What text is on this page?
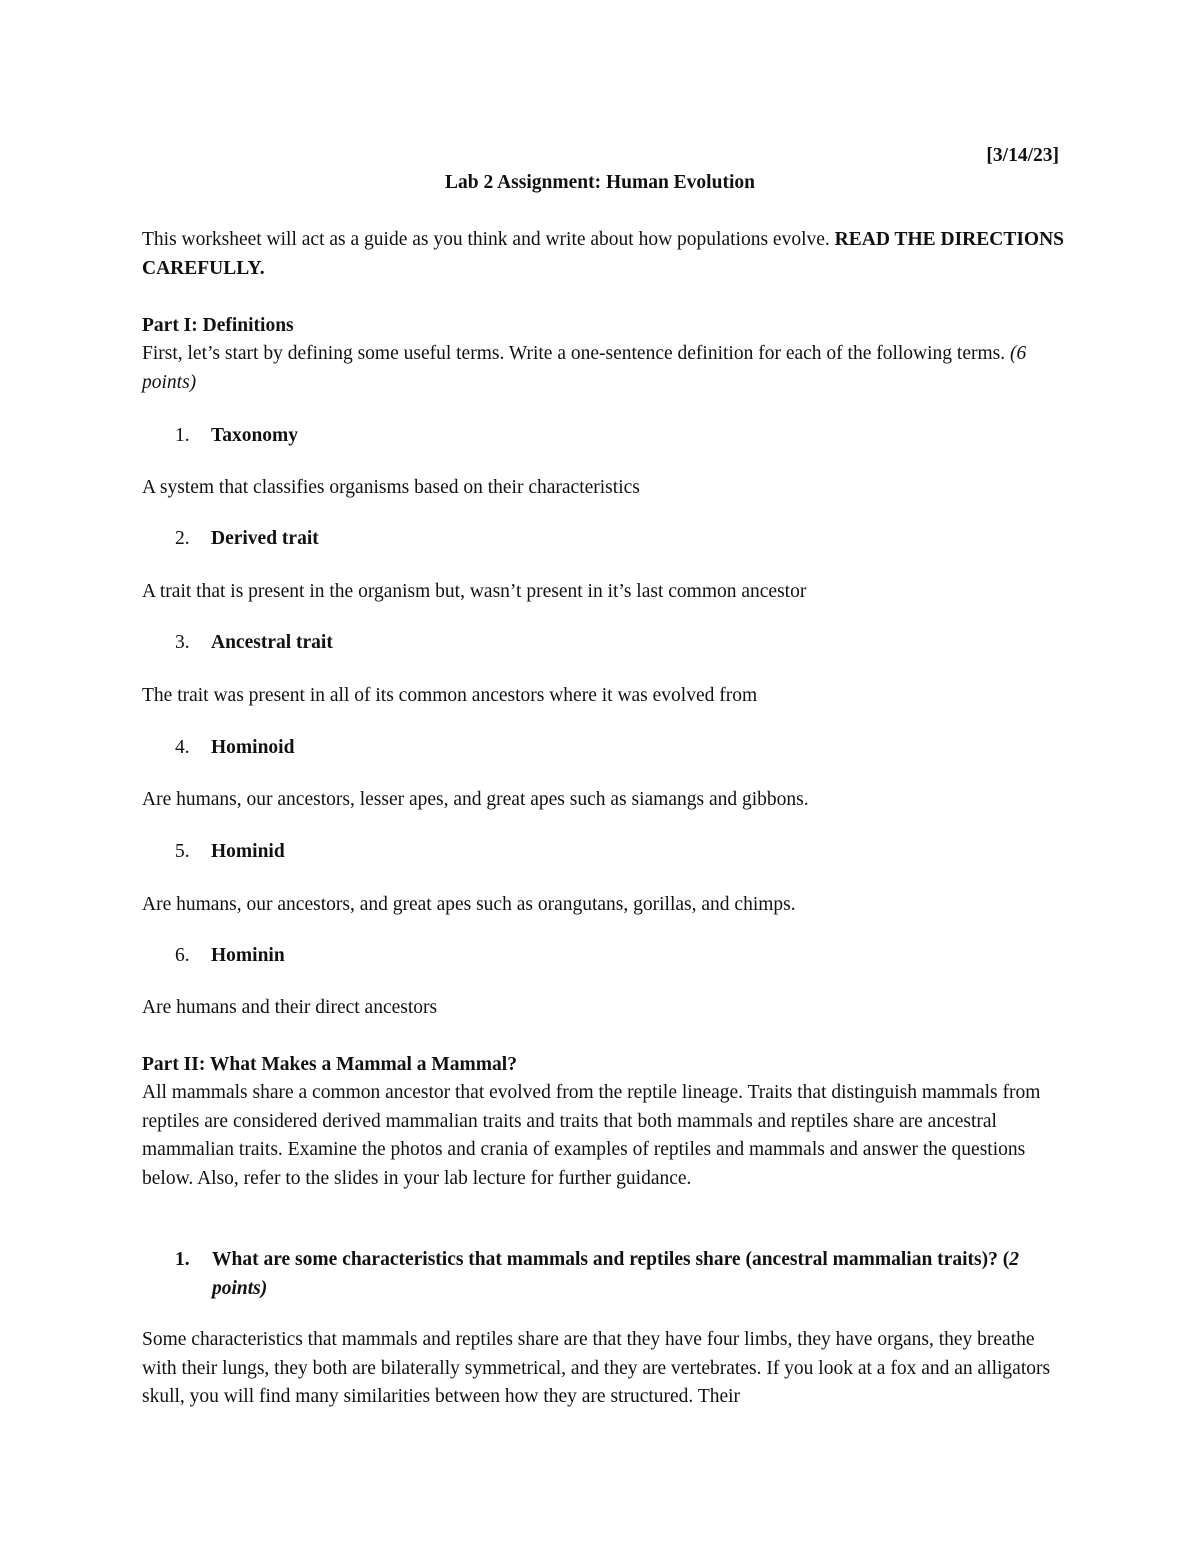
[3/14/23]
Lab 2 Assignment: Human Evolution
This worksheet will act as a guide as you think and write about how populations evolve. READ THE DIRECTIONS CAREFULLY.
Part I: Definitions
First, let’s start by defining some useful terms. Write a one-sentence definition for each of the following terms. (6 points)
1. Taxonomy
A system that classifies organisms based on their characteristics
2. Derived trait
A trait that is present in the organism but, wasn’t present in it’s last common ancestor
3. Ancestral trait
The trait was present in all of its common ancestors where it was evolved from
4. Hominoid
Are humans, our ancestors, lesser apes, and great apes such as siamangs and gibbons.
5. Hominid
Are humans, our ancestors, and great apes such as orangutans, gorillas, and chimps.
6. Hominin
Are humans and their direct ancestors
Part II: What Makes a Mammal a Mammal?
All mammals share a common ancestor that evolved from the reptile lineage. Traits that distinguish mammals from reptiles are considered derived mammalian traits and traits that both mammals and reptiles share are ancestral mammalian traits. Examine the photos and crania of examples of reptiles and mammals and answer the questions below. Also, refer to the slides in your lab lecture for further guidance.
1. What are some characteristics that mammals and reptiles share (ancestral mammalian traits)? (2 points)
Some characteristics that mammals and reptiles share are that they have four limbs, they have organs, they breathe with their lungs, they both are bilaterally symmetrical, and they are vertebrates. If you look at a fox and an alligators skull, you will find many similarities between how they are structured. Their
